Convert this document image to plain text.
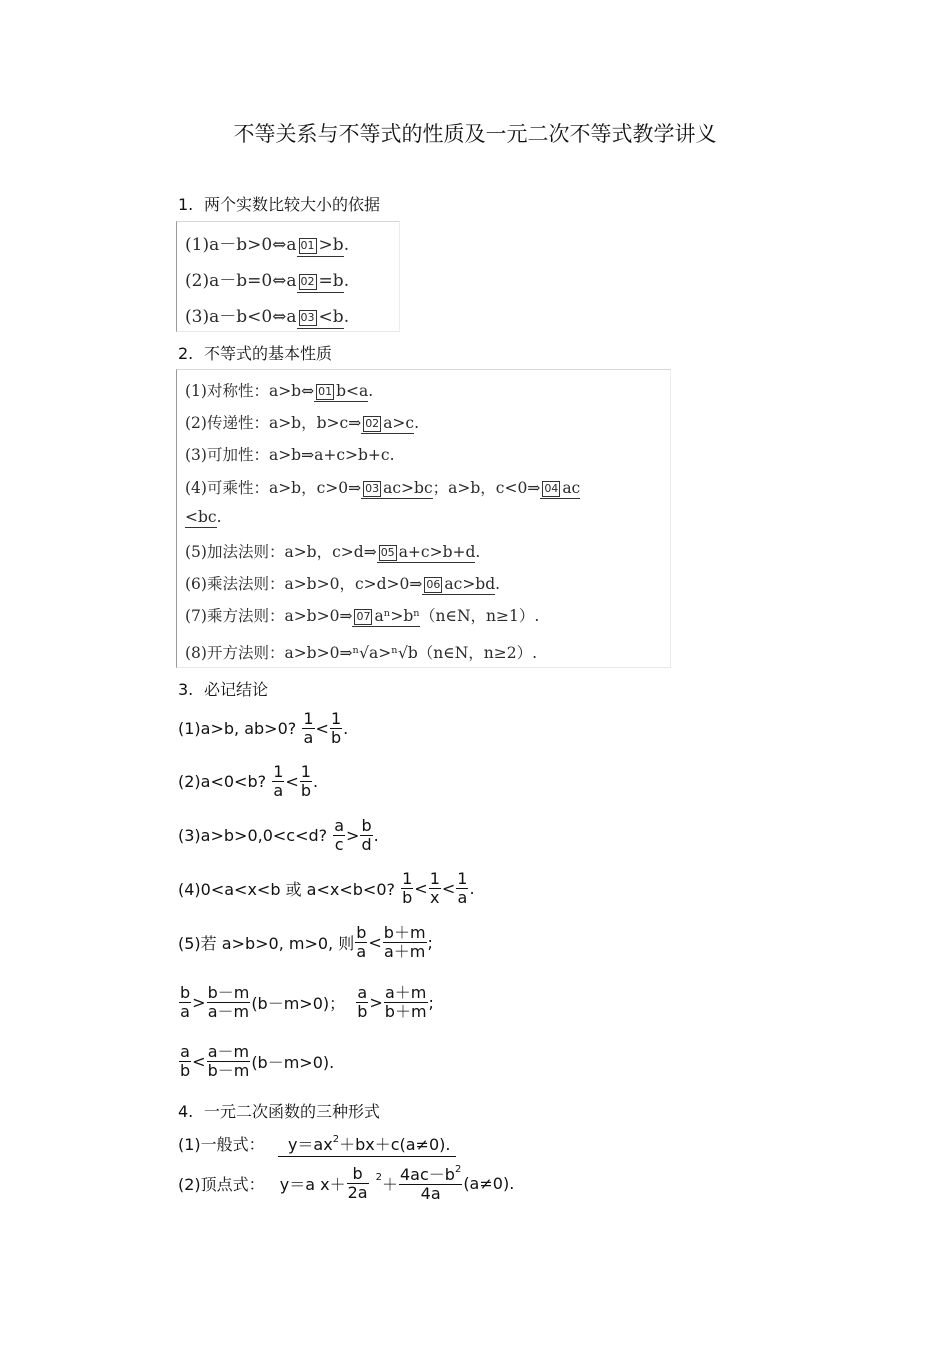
不等关系与不等式的性质及一元二次不等式教学讲义
1. 两个实数比较大小的依据
(1)a－b>0⇔a 01 >b.
(2)a－b=0⇔a 02 =b.
(3)a－b<0⇔a 03 <b.
2. 不等式的基本性质
(1)对称性：a>b⇔ 01 b<a.
(2)传递性：a>b，b>c⇒ 02 a>c.
(3)可加性：a>b⇒a+c>b+c.
(4)可乘性：a>b，c>0⇒ 03 ac>bc；a>b，c<0⇒ 04 ac
<bc.
(5)加法法则：a>b，c>d⇒ 05 a+c>b+d.
(6)乘法法则：a>b>0，c>d>0⇒ 06 ac>bd.
(7)乘方法则：a>b>0⇒ 07 aⁿ>bⁿ（n∈N，n≥1）.
(8)开方法则：a>b>0⇒ⁿ√a>ⁿ√b（n∈N，n≥2）.
3. 必记结论
(1)a>b, ab>0? $\frac{1}{a} < \frac{1}{b}$ .
(2)a<0<b? $\frac{1}{a} < \frac{1}{b}$ .
(3)a>b>0,0<c<d? $\frac{a}{c} > \frac{b}{d}$ .
(4)0<a<x<b 或 a<x<b<0? $\frac{1}{b} < \frac{1}{x} < \frac{1}{a}$ .
(5)若 a>b>0, m>0, 则 $\frac{b}{a} < \frac{b+m}{a+m}$ ;
$\frac{b}{a} > \frac{b-m}{a-m} (b-m>0)$； $\frac{a}{b} > \frac{a+m}{b+m}$ ;
$\frac{a}{b} < \frac{a-m}{b-m} (b-m>0)$.
4. 一元二次函数的三种形式
(1)一般式： $y=ax^2+bx+c(a\ne 0)$.
(2)顶点式： y＝a $x+ \frac{b}{2a} ^2+ \frac{4ac-b^2}{4a} (a\ne 0)$.
